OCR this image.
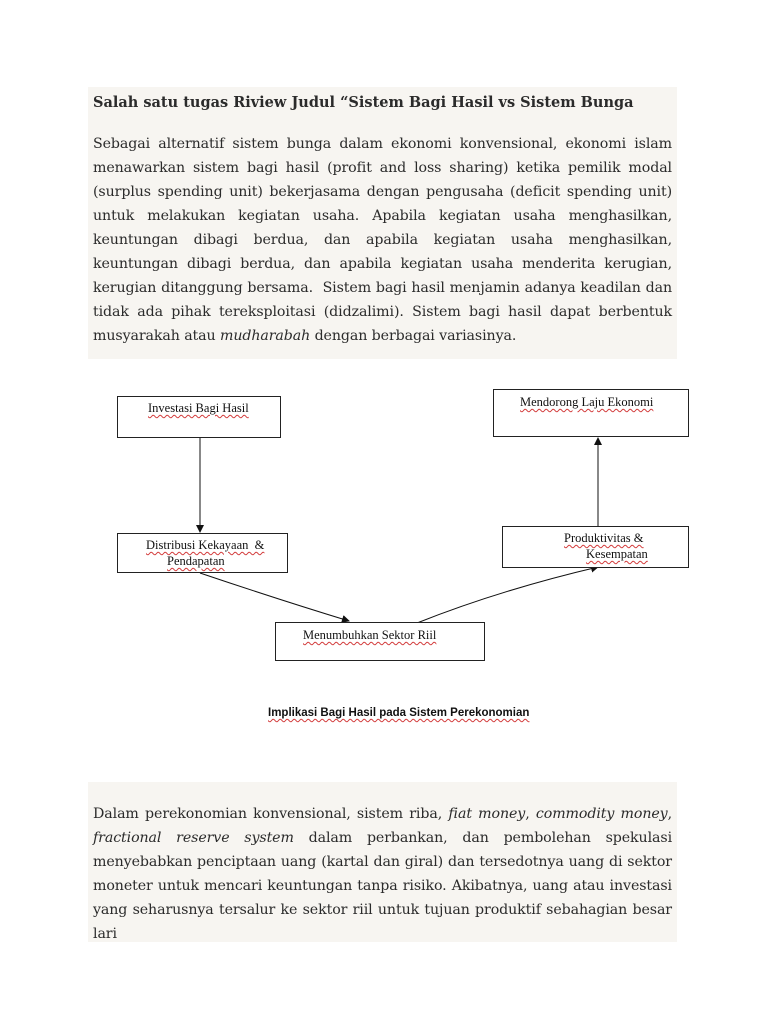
Salah satu tugas Riview Judul “Sistem Bagi Hasil vs Sistem Bunga

Sebagai alternatif sistem bunga dalam ekonomi konvensional, ekonomi islam menawarkan sistem bagi hasil (profit and loss sharing) ketika pemilik modal (surplus spending unit) bekerjasama dengan pengusaha (deficit spending unit) untuk melakukan kegiatan usaha. Apabila kegiatan usaha menghasilkan, keuntungan dibagi berdua, dan apabila kegiatan usaha menghasilkan, keuntungan dibagi berdua, dan apabila kegiatan usaha menderita kerugian, kerugian ditanggung bersama.  Sistem bagi hasil menjamin adanya keadilan dan tidak ada pihak tereksploitasi (didzalimi). Sistem bagi hasil dapat berbentuk musyarakah atau mudharabah dengan berbagai variasinya.

Investasi Bagi Hasil
Distribusi Kekayaan  &
Pendapatan
Menumbuhkan Sektor Riil
Produktivitas &
Kesempatan
Mendorong Laju Ekonomi
Implikasi Bagi Hasil pada Sistem Perekonomian

Dalam perekonomian konvensional, sistem riba, fiat money, commodity money, fractional reserve system dalam perbankan, dan pembolehan spekulasi menyebabkan penciptaan uang (kartal dan giral) dan tersedotnya uang di sektor moneter untuk mencari keuntungan tanpa risiko. Akibatnya, uang atau investasi yang seharusnya tersalur ke sektor riil untuk tujuan produktif sebahagian besar lari
